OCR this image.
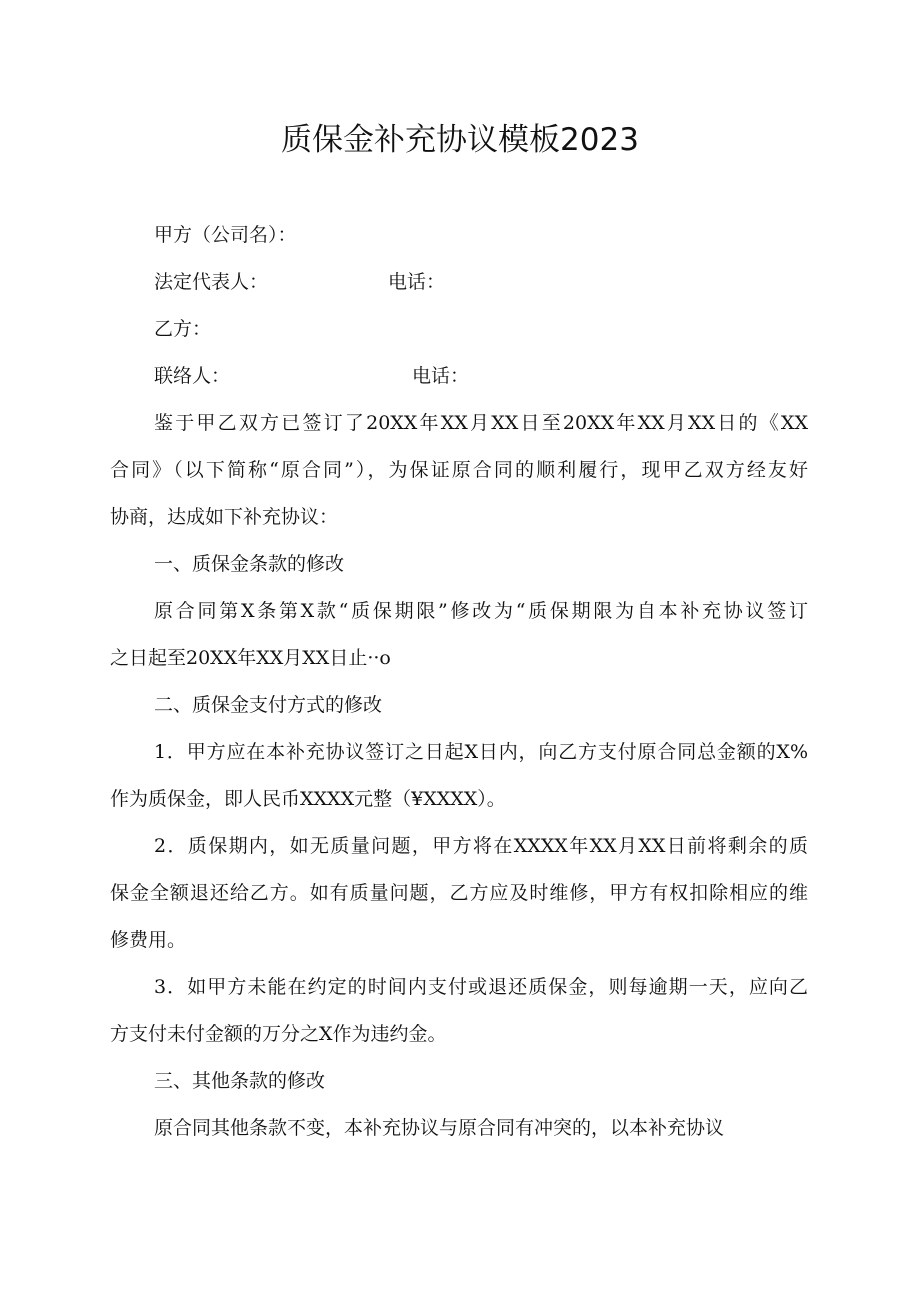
质保金补充协议模板2023
甲方（公司名）：
法定代表人：	电话：
乙方：
联络人：	电话：
鉴于甲乙双方已签订了20XX年XX月XX日至20XX年XX月XX日的《XX
合同》（以下简称“原合同”），为保证原合同的顺利履行，现甲乙双方经友好
协商，达成如下补充协议：
一、质保金条款的修改
原合同第X条第X款“质保期限”修改为“质保期限为自本补充协议签订
之日起至20XX年XX月XX日止··o
二、质保金支付方式的修改
1．甲方应在本补充协议签订之日起X日内，向乙方支付原合同总金额的X%
作为质保金，即人民币XXXX元整（¥XXXX）。
2．质保期内，如无质量问题，甲方将在XXXX年XX月XX日前将剩余的质
保金全额退还给乙方。如有质量问题，乙方应及时维修，甲方有权扣除相应的维
修费用。
3．如甲方未能在约定的时间内支付或退还质保金，则每逾期一天，应向乙
方支付未付金额的万分之X作为违约金。
三、其他条款的修改
原合同其他条款不变，本补充协议与原合同有冲突的，以本补充协议
